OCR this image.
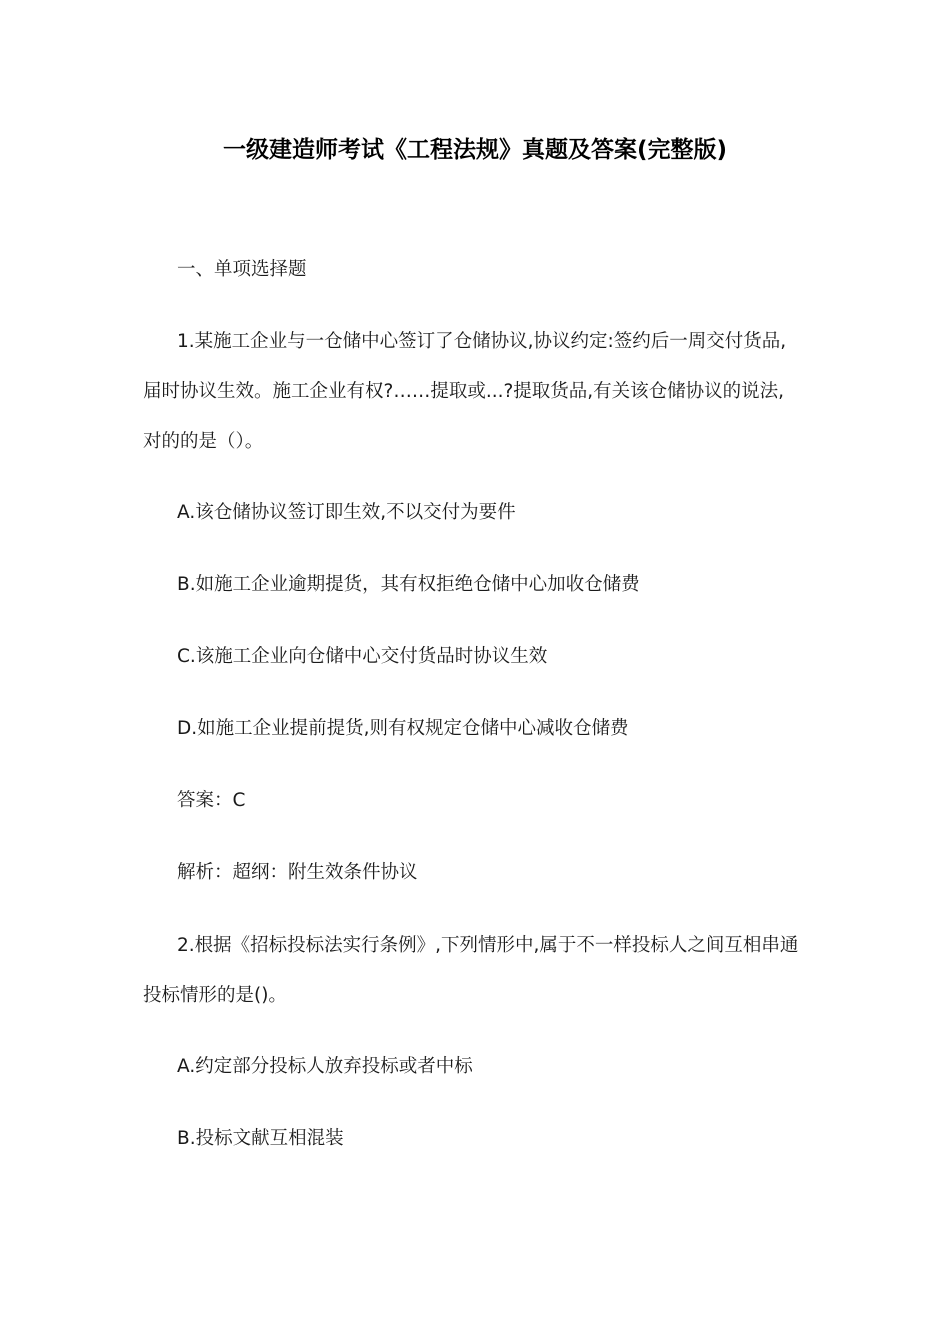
一级建造师考试《工程法规》真题及答案(完整版)
一、单项选择题
1.某施工企业与一仓储中心签订了仓储协议,协议约定:签约后一周交付货品,
届时协议生效。施工企业有权?……提取或...?提取货品,有关该仓储协议的说法,
对的的是（）。
A.该仓储协议签订即生效,不以交付为要件
B.如施工企业逾期提货，其有权拒绝仓储中心加收仓储费
C.该施工企业向仓储中心交付货品时协议生效
D.如施工企业提前提货,则有权规定仓储中心减收仓储费
答案：C
解析：超纲：附生效条件协议
2.根据《招标投标法实行条例》,下列情形中,属于不一样投标人之间互相串通
投标情形的是()。
A.约定部分投标人放弃投标或者中标
B.投标文献互相混装
